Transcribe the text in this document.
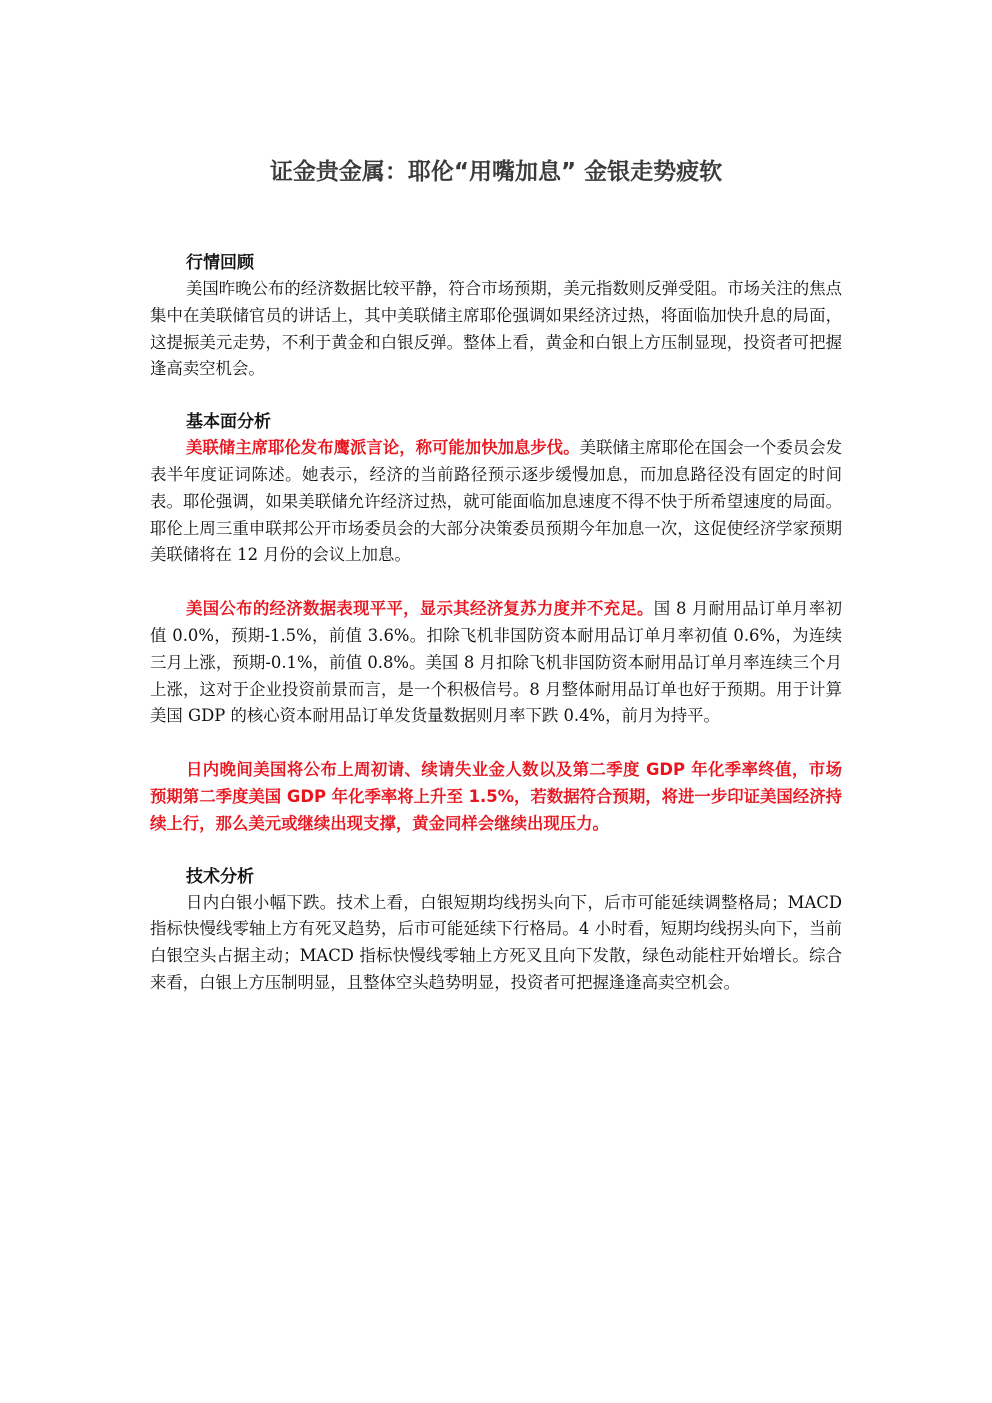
证金贵金属：耶伦“用嘴加息” 金银走势疲软
行情回顾

美国昨晚公布的经济数据比较平静，符合市场预期，美元指数则反弹受阻。市场关注的焦点集中在美联储官员的讲话上，其中美联储主席耶伦强调如果经济过热，将面临加快升息的局面，这提振美元走势，不利于黄金和白银反弹。整体上看，黄金和白银上方压制显现，投资者可把握逢高卖空机会。

基本面分析

美联储主席耶伦发布鹰派言论，称可能加快加息步伐。美联储主席耶伦在国会一个委员会发表半年度证词陈述。她表示，经济的当前路径预示逐步缓慢加息，而加息路径没有固定的时间表。耶伦强调，如果美联储允许经济过热，就可能面临加息速度不得不快于所希望速度的局面。耶伦上周三重申联邦公开市场委员会的大部分决策委员预期今年加息一次，这促使经济学家预期美联储将在 12 月份的会议上加息。

美国公布的经济数据表现平平，显示其经济复苏力度并不充足。国 8 月耐用品订单月率初值 0.0%，预期-1.5%，前值 3.6%。扣除飞机非国防资本耐用品订单月率初值 0.6%，为连续三月上涨，预期-0.1%，前值 0.8%。美国 8 月扣除飞机非国防资本耐用品订单月率连续三个月上涨，这对于企业投资前景而言，是一个积极信号。8 月整体耐用品订单也好于预期。用于计算美国 GDP 的核心资本耐用品订单发货量数据则月率下跌 0.4%，前月为持平。

日内晚间美国将公布上周初请、续请失业金人数以及第二季度 GDP 年化季率终值，市场预期第二季度美国 GDP 年化季率将上升至 1.5%，若数据符合预期，将进一步印证美国经济持续上行，那么美元或继续出现支撑，黄金同样会继续出现压力。

技术分析

日内白银小幅下跌。技术上看，白银短期均线拐头向下，后市可能延续调整格局；MACD 指标快慢线零轴上方有死叉趋势，后市可能延续下行格局。4 小时看，短期均线拐头向下，当前白银空头占据主动；MACD 指标快慢线零轴上方死叉且向下发散，绿色动能柱开始增长。综合来看，白银上方压制明显，且整体空头趋势明显，投资者可把握逢逢高卖空机会。
